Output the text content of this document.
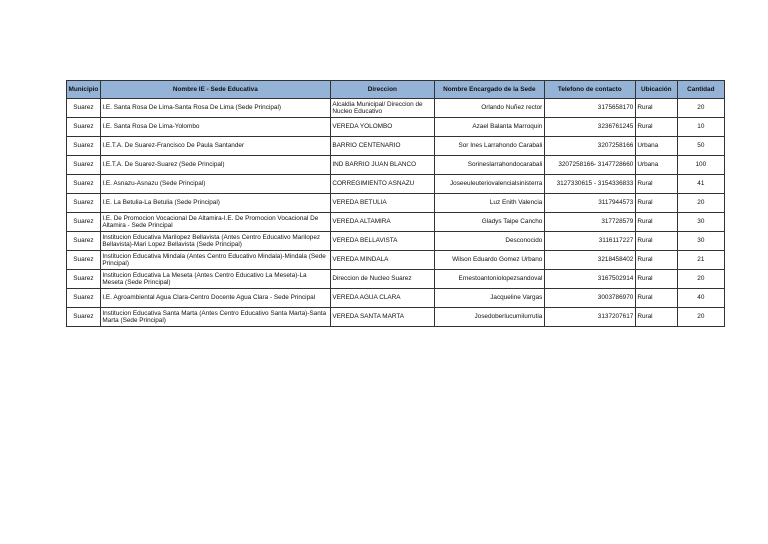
Municipio	Nombre IE - Sede Educativa	Direccion	Nombre Encargado de la Sede	Telefono de contacto	Ubicación	Cantidad
Suarez	I.E. Santa Rosa De Lima-Santa Rosa De Lima (Sede Principal)	Alcaldia Municipal/ Direccion de Nucleo Educativo	Orlando Nuñez rector	3175658170	Rural	20
Suarez	I.E. Santa Rosa De Lima-Yolombo	VEREDA YOLOMBO	Azael Balanta Marroquin	3236761245	Rural	10
Suarez	I.E.T.A. De Suarez-Francisco De Paula Santander	BARRIO CENTENARIO	Sor Ines Larrahondo Carabali	3207258166	Urbana	50
Suarez	I.E.T.A. De Suarez-Suarez (Sede Principal)	IND BARRIO JUAN BLANCO	Sorineslarrahondocarabali	3207258166- 3147728660	Urbana	100
Suarez	I.E. Asnazu-Asnazu (Sede Principal)	CORREGIMIENTO ASNAZU	Joseeuleuteriovalencialsinisterra	3127330615 - 3154336833	Rural	41
Suarez	I.E. La Betulia-La Betulia (Sede Principal)	VEREDA BETULIA	Luz Enith Valencia	3117944573	Rural	20
Suarez	I.E. De Promocion Vocacional De Altamira-I.E. De Promocion Vocacional De Altamira - Sede Principal	VEREDA ALTAMIRA	Gladys Taipe Cancho	317728579	Rural	30
Suarez	Institucion Educativa Marilopez Bellavista (Antes Centro Educativo Marilopez Bellavista)-Mari Lopez Bellavista (Sede Principal)	VEREDA BELLAVISTA	Desconocido	3116117227	Rural	30
Suarez	Institucion Educativa Mindala (Antes Centro Educativo Mindala)-Mindala (Sede Principal)	VEREDA MINDALA	Wilson Eduardo Gomez Urbano	3218458402	Rural	21
Suarez	Institucion Educativa La Meseta (Antes Centro Educativo La Meseta)-La Meseta (Sede Principal)	Direccion de Nucleo Suarez	Ernestoantoniolopezsandoval	3167502914	Rural	20
Suarez	I.E. Agroambiental Agua Clara-Centro Docente Agua Clara - Sede Principal	VEREDA AGUA CLARA	Jacqueline Vargas	3003786970	Rural	40
Suarez	Institucion Educativa Santa Marta (Antes Centro Educativo Santa Marta)-Santa Marta (Sede Principal)	VEREDA SANTA MARTA	Josedoberlucumilurrutia	3137207617	Rural	20
